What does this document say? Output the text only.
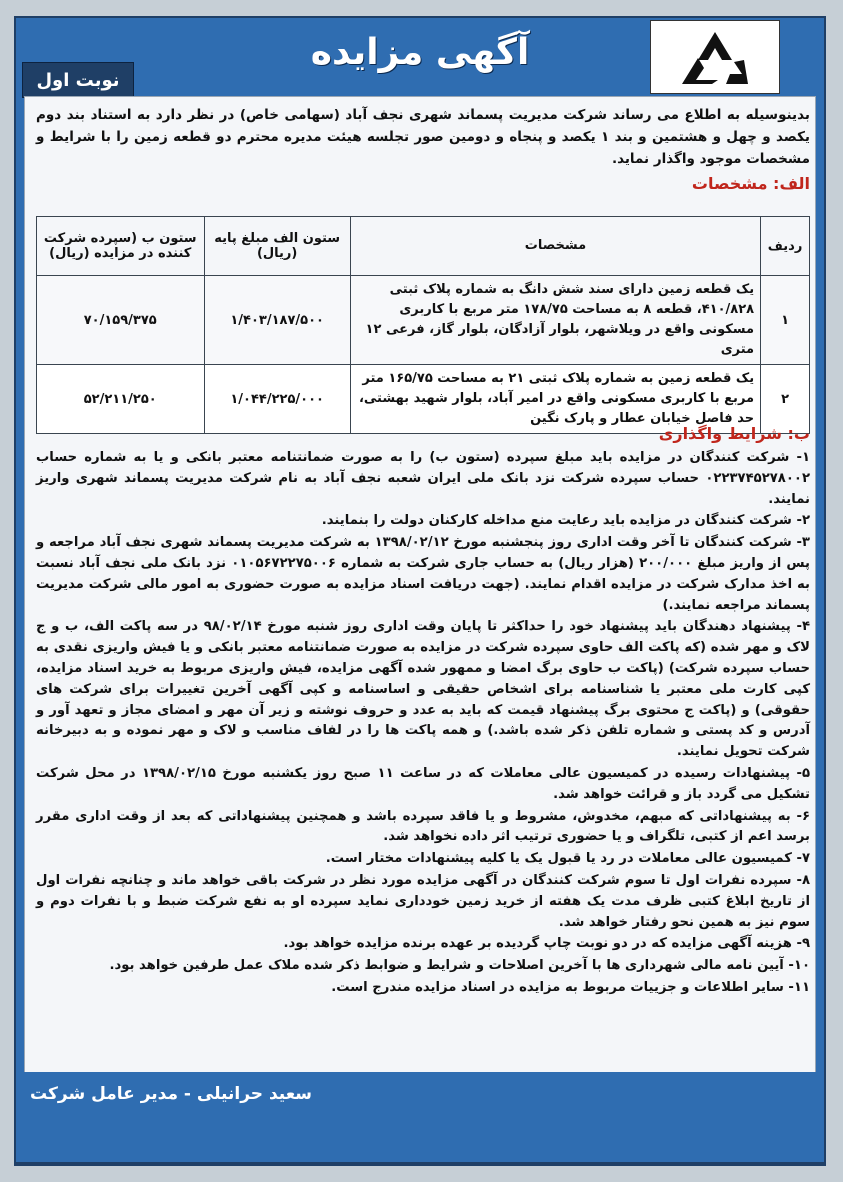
آگهی مزایده
نوبت اول
بدینوسیله به اطلاع می رساند شرکت مدیریت پسماند شهری نجف آباد (سهامی خاص) در نظر دارد به استناد بند دوم یکصد و چهل و هشتمین و بند ۱ یکصد و پنجاه و دومین صور تجلسه هیئت مدیره محترم دو قطعه زمین را با شرایط و مشخصات موجود واگذار نماید.
الف: مشخصات
ردیف	مشخصات	ستون الف مبلغ پایه (ریال)	ستون ب (سپرده شرکت کننده در مزایده (ریال)
۱	یک قطعه زمین دارای سند شش دانگ به شماره پلاک ثبتی ۴۱۰/۸۲۸، قطعه ۸ به مساحت ۱۷۸/۷۵ متر مربع با کاربری مسکونی واقع در ویلاشهر، بلوار آزادگان، بلوار گاز، فرعی ۱۲ متری	۱/۴۰۳/۱۸۷/۵۰۰	۷۰/۱۵۹/۳۷۵
۲	یک قطعه زمین به شماره پلاک ثبتی ۲۱ به مساحت ۱۶۵/۷۵ متر مربع با کاربری مسکونی واقع در امیر آباد، بلوار شهید بهشتی، حد فاصل خیابان عطار و پارک نگین	۱/۰۴۴/۲۲۵/۰۰۰	۵۲/۲۱۱/۲۵۰
ب: شرایط واگذاری

۱- شرکت کنندگان در مزایده باید مبلغ سپرده (ستون ب) را به صورت ضمانتنامه معتبر بانکی و یا به شماره حساب ۰۲۲۳۷۴۵۲۷۸۰۰۲ حساب سپرده شرکت نزد بانک ملی ایران شعبه نجف آباد به نام شرکت مدیریت پسماند شهری واریز نمایند.

۲- شرکت کنندگان در مزایده باید رعایت منع مداخله کارکنان دولت را بنمایند.

۳- شرکت کنندگان تا آخر وقت اداری روز پنجشنبه مورخ ۱۳۹۸/۰۲/۱۲ به شرکت مدیریت پسماند شهری نجف آباد مراجعه و پس از واریز مبلغ ۲۰۰/۰۰۰ (هزار ریال) به حساب جاری شرکت به شماره ۰۱۰۵۶۷۲۲۷۵۰۰۶ نزد بانک ملی نجف آباد نسبت به اخذ مدارک شرکت در مزایده اقدام نمایند. (جهت دریافت اسناد مزایده به صورت حضوری به امور مالی شرکت مدیریت پسماند مراجعه نمایند.)

۴- پیشنهاد دهندگان باید پیشنهاد خود را حداکثر تا پایان وقت اداری روز شنبه مورخ ۹۸/۰۲/۱۴ در سه پاکت الف، ب و ج لاک و مهر شده (که پاکت الف حاوی سپرده شرکت در مزایده به صورت ضمانتنامه معتبر بانکی و یا فیش واریزی نقدی به حساب سپرده شرکت) (پاکت ب حاوی برگ امضا و ممهور شده آگهی مزایده، فیش واریزی مربوط به خرید اسناد مزایده، کپی کارت ملی معتبر یا شناسنامه برای اشخاص حقیقی و اساسنامه و کپی آگهی آخرین تغییرات برای شرکت های حقوقی) و (پاکت ج محتوی برگ پیشنهاد قیمت که باید به عدد و حروف نوشته و زیر آن مهر و امضای مجاز و تعهد آور و آدرس و کد پستی و شماره تلفن ذکر شده باشد.) و همه پاکت ها را در لفاف مناسب و لاک و مهر نموده و به دبیرخانه شرکت تحویل نمایند.

۵- پیشنهادات رسیده در کمیسیون عالی معاملات که در ساعت ۱۱ صبح روز یکشنبه مورخ ۱۳۹۸/۰۲/۱۵ در محل شرکت تشکیل می گردد باز و قرائت خواهد شد.

۶- به پیشنهاداتی که مبهم، مخدوش، مشروط و یا فاقد سپرده باشد و همچنین پیشنهاداتی که بعد از وقت اداری مقرر برسد اعم از کتبی، تلگراف و یا حضوری ترتیب اثر داده نخواهد شد.

۷- کمیسیون عالی معاملات در رد یا قبول یک یا کلیه پیشنهادات مختار است.

۸- سپرده نفرات اول تا سوم شرکت کنندگان در آگهی مزایده مورد نظر در شرکت باقی خواهد ماند و چنانچه نفرات اول از تاریخ ابلاغ کتبی ظرف مدت یک هفته از خرید زمین خودداری نماید سپرده او به نفع شرکت ضبط و با نفرات دوم و سوم نیز به همین نحو رفتار خواهد شد.

۹- هزینه آگهی مزایده که در دو نوبت چاپ گردیده بر عهده برنده مزایده خواهد بود.

۱۰- آیین نامه مالی شهرداری ها با آخرین اصلاحات و شرایط و ضوابط ذکر شده ملاک عمل طرفین خواهد بود.

۱۱- سایر اطلاعات و جزییات مربوط به مزایده در اسناد مزایده مندرج است.

سعید حرانیلی - مدیر عامل شرکت
